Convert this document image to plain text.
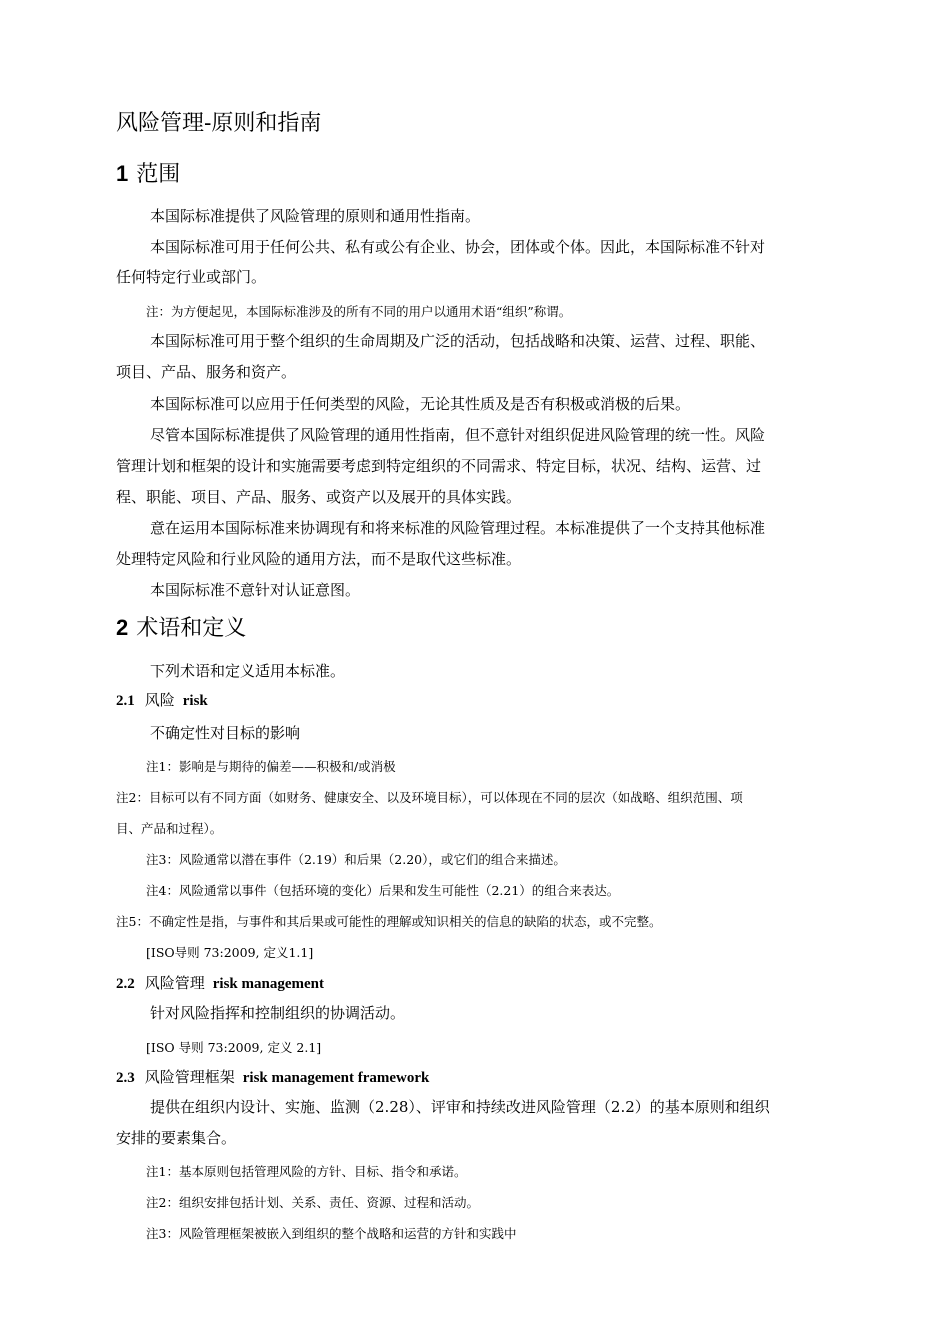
风险管理-原则和指南
1 范围
本国际标准提供了风险管理的原则和通用性指南。
本国际标准可用于任何公共、私有或公有企业、协会，团体或个体。因此，本国际标准不针对
任何特定行业或部门。
注：为方便起见，本国际标准涉及的所有不同的用户以通用术语“组织”称谓。
本国际标准可用于整个组织的生命周期及广泛的活动，包括战略和决策、运营、过程、职能、
项目、产品、服务和资产。
本国际标准可以应用于任何类型的风险，无论其性质及是否有积极或消极的后果。
尽管本国际标准提供了风险管理的通用性指南，但不意针对组织促进风险管理的统一性。风险
管理计划和框架的设计和实施需要考虑到特定组织的不同需求、特定目标，状况、结构、运营、过
程、职能、项目、产品、服务、或资产以及展开的具体实践。
意在运用本国际标准来协调现有和将来标准的风险管理过程。本标准提供了一个支持其他标准
处理特定风险和行业风险的通用方法，而不是取代这些标准。
本国际标准不意针对认证意图。
2 术语和定义
下列术语和定义适用本标准。
2.1 风险 risk
不确定性对目标的影响
注1：影响是与期待的偏差——积极和/或消极
注2：目标可以有不同方面（如财务、健康安全、以及环境目标），可以体现在不同的层次（如战略、组织范围、项
目、产品和过程）。
注3：风险通常以潜在事件（2.19）和后果（2.20），或它们的组合来描述。
注4：风险通常以事件（包括环境的变化）后果和发生可能性（2.21）的组合来表达。
注5：不确定性是指，与事件和其后果或可能性的理解或知识相关的信息的缺陷的状态，或不完整。
[ISO导则 73:2009, 定义1.1]
2.2 风险管理 risk management
针对风险指挥和控制组织的协调活动。
[ISO 导则 73:2009, 定义 2.1]
2.3 风险管理框架 risk management framework
提供在组织内设计、实施、监测（2.28）、评审和持续改进风险管理（2.2）的基本原则和组织
安排的要素集合。
注1：基本原则包括管理风险的方针、目标、指令和承诺。
注2：组织安排包括计划、关系、责任、资源、过程和活动。
注3：风险管理框架被嵌入到组织的整个战略和运营的方针和实践中
